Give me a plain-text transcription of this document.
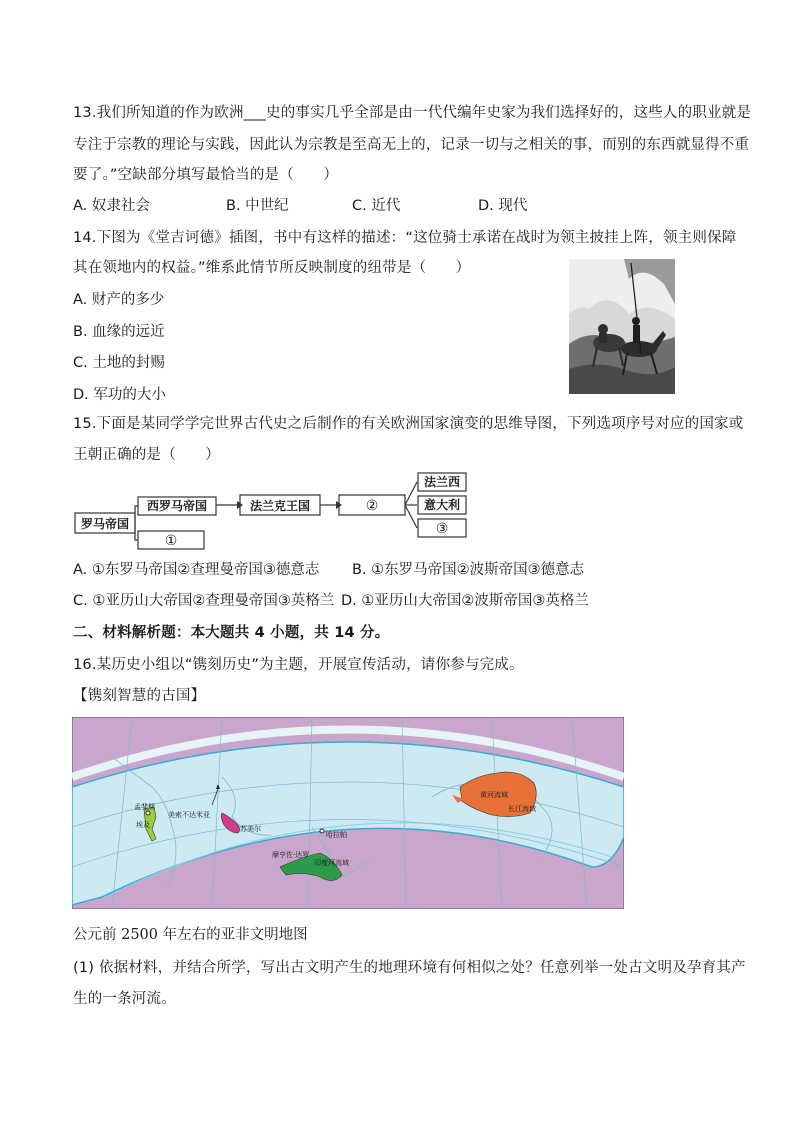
13.我们所知道的作为欧洲___史的事实几乎全部是由一代代编年史家为我们选择好的，这些人的职业就是
专注于宗教的理论与实践，因此认为宗教是至高无上的，记录一切与之相关的事，而别的东西就显得不重
要了。”空缺部分填写最恰当的是（　　）
A. 奴隶社会	B. 中世纪	C. 近代	D. 现代
14.下图为《堂吉诃德》插图，书中有这样的描述：“这位骑士承诺在战时为领主披挂上阵，领主则保障
其在领地内的权益。”维系此情节所反映制度的纽带是（　　）
A. 财产的多少
B. 血缘的远近
C. 土地的封赐
D. 军功的大小
15.下面是某同学学完世界古代史之后制作的有关欧洲国家演变的思维导图，下列选项序号对应的国家或
王朝正确的是（　　）
罗马帝国
西罗马帝国
①
法兰克王国	②
法兰西
意大利
③
A. ①东罗马帝国②查理曼帝国③德意志 B. ①东罗马帝国②波斯帝国③德意志
C. ①亚历山大帝国②查理曼帝国③英格兰 D. ①亚历山大帝国②波斯帝国③英格兰
二、材料解析题：本大题共 4 小题，共 14 分。
16.某历史小组以“镌刻历史”为主题，开展宣传活动，请你参与完成。
【镌刻智慧的古国】
孟斐斯
埃及
美索不达米亚
苏美尔
哈拉帕
摩亨佐·达罗
印度河流域
黄河流域
长江流域
公元前 2500 年左右的亚非文明地图
(1) 依据材料，并结合所学，写出古文明产生的地理环境有何相似之处？任意列举一处古文明及孕育其产
生的一条河流。
